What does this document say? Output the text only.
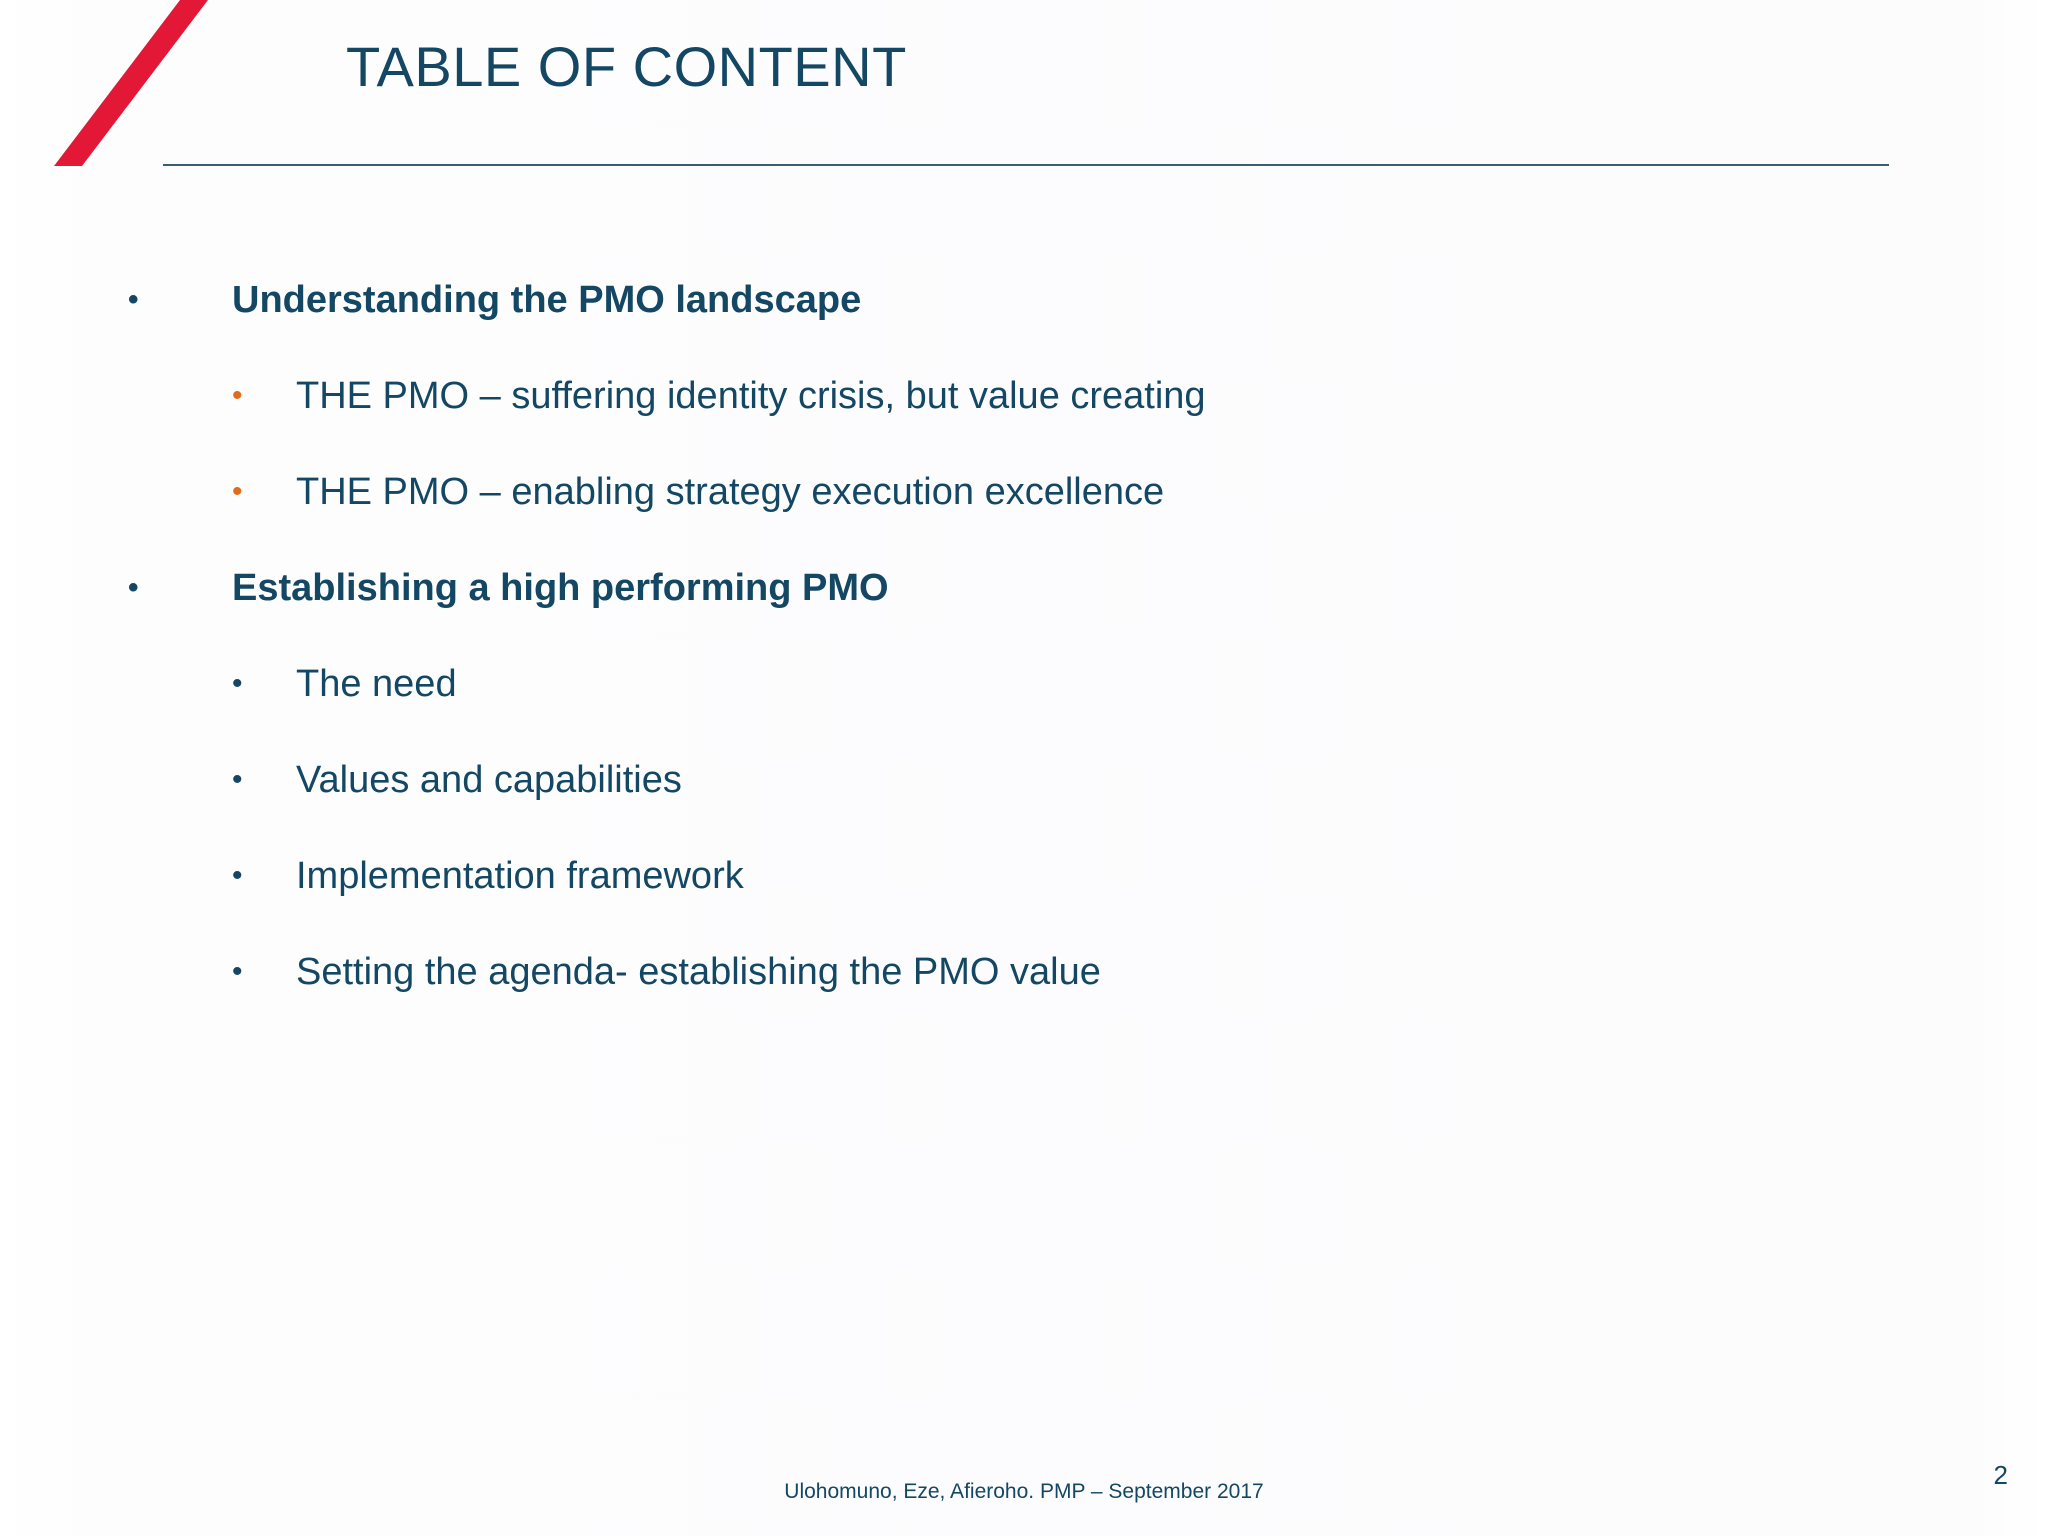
TABLE OF CONTENT
• Understanding the PMO landscape
• THE PMO – suffering identity crisis, but value creating
• THE PMO – enabling strategy execution excellence
• Establishing a high performing PMO
• The need
• Values and capabilities
• Implementation framework
• Setting the agenda- establishing the PMO value
Ulohomuno, Eze, Afieroho. PMP – September 2017
2
